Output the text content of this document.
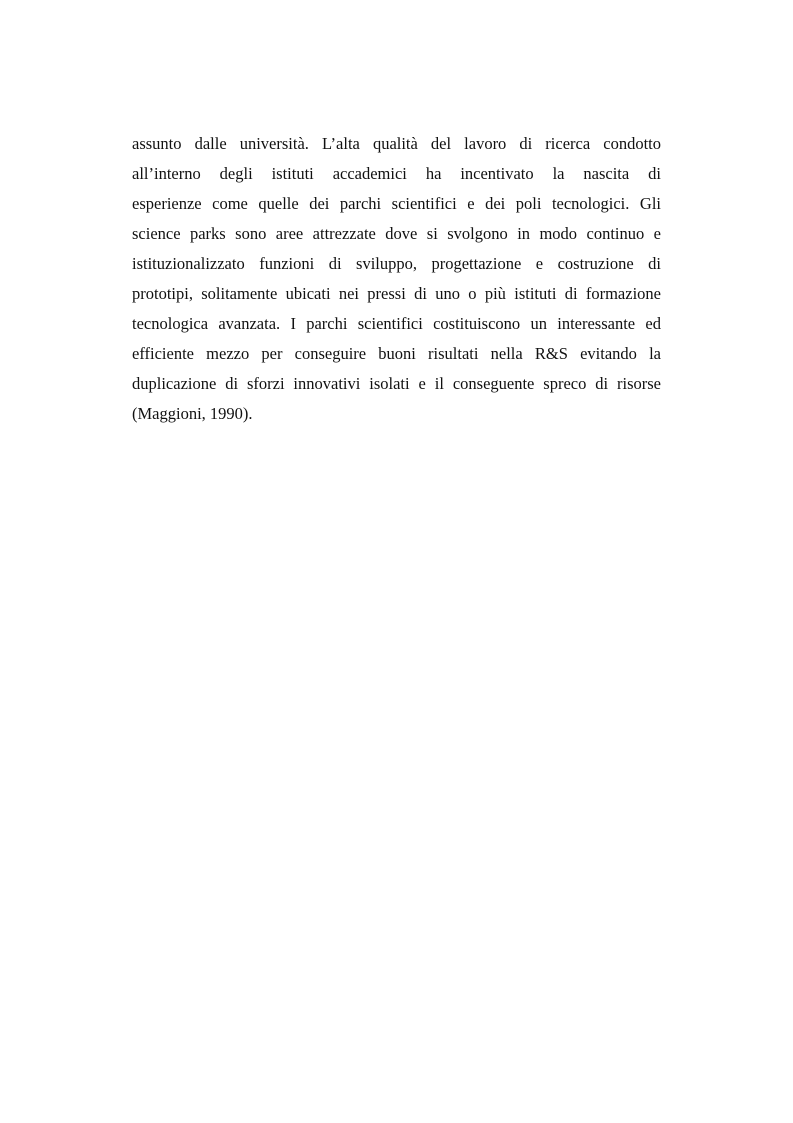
assunto dalle università. L’alta qualità del lavoro di ricerca condotto
all’interno degli istituti accademici ha incentivato la nascita di
esperienze come quelle dei parchi scientifici e dei poli tecnologici. Gli
science parks sono aree attrezzate dove si svolgono in modo continuo e
istituzionalizzato funzioni di sviluppo, progettazione e costruzione di
prototipi, solitamente ubicati nei pressi di uno o più istituti di formazione
tecnologica avanzata. I parchi scientifici costituiscono un interessante ed
efficiente mezzo per conseguire buoni risultati nella R&S evitando la
duplicazione di sforzi innovativi isolati e il conseguente spreco di risorse
(Maggioni, 1990).
